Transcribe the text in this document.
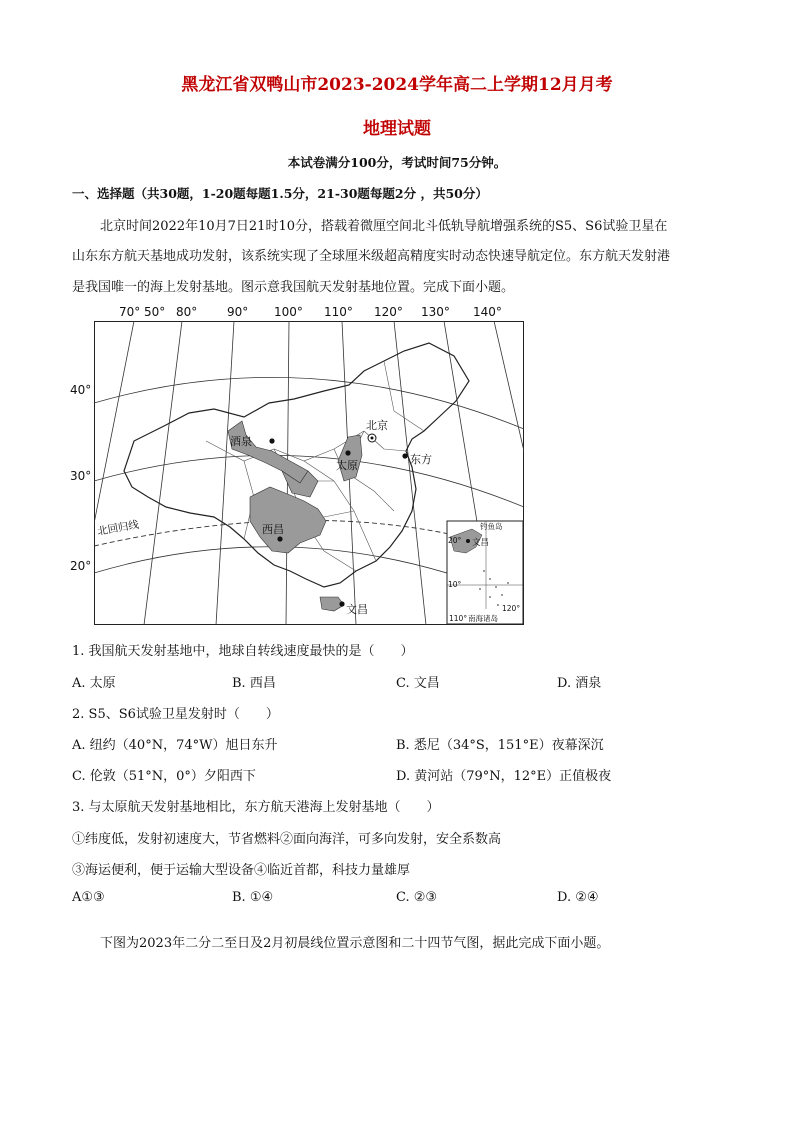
黑龙江省双鸭山市2023-2024学年高二上学期12月月考
地理试题
本试卷满分100分，考试时间75分钟。
一、选择题（共30题，1-20题每题1.5分，21-30题每题2分 ，共50分）
北京时间2022年10月7日21时10分，搭载着微厘空间北斗低轨导航增强系统的S5、S6试验卫星在
山东东方航天基地成功发射，该系统实现了全球厘米级超高精度实时动态快速导航定位。东方航天发射港
是我国唯一的海上发射基地。图示意我国航天发射基地位置。完成下面小题。
北京
酒泉
太原	东方
西昌
文昌
北回归线	钓鱼岛
文昌
20°
10°
120°
110° 南海诸岛
70° 50° 80° 90° 100° 110° 120° 130° 140°
40°
30°
20°
1. 我国航天发射基地中，地球自转线速度最快的是（　　）
A. 太原	B. 西昌	C. 文昌	D. 酒泉
2. S5、S6试验卫星发射时（　　）
A. 纽约（40°N，74°W）旭日东升	B. 悉尼（34°S，151°E）夜幕深沉
C. 伦敦（51°N，0°）夕阳西下	D. 黄河站（79°N，12°E）正值极夜
3. 与太原航天发射基地相比，东方航天港海上发射基地（　　）
①纬度低，发射初速度大，节省燃料②面向海洋，可多向发射，安全系数高
③海运便利，便于运输大型设备④临近首都，科技力量雄厚
A①③	B. ①④	C. ②③	D. ②④
下图为2023年二分二至日及2月初晨线位置示意图和二十四节气图，据此完成下面小题。
